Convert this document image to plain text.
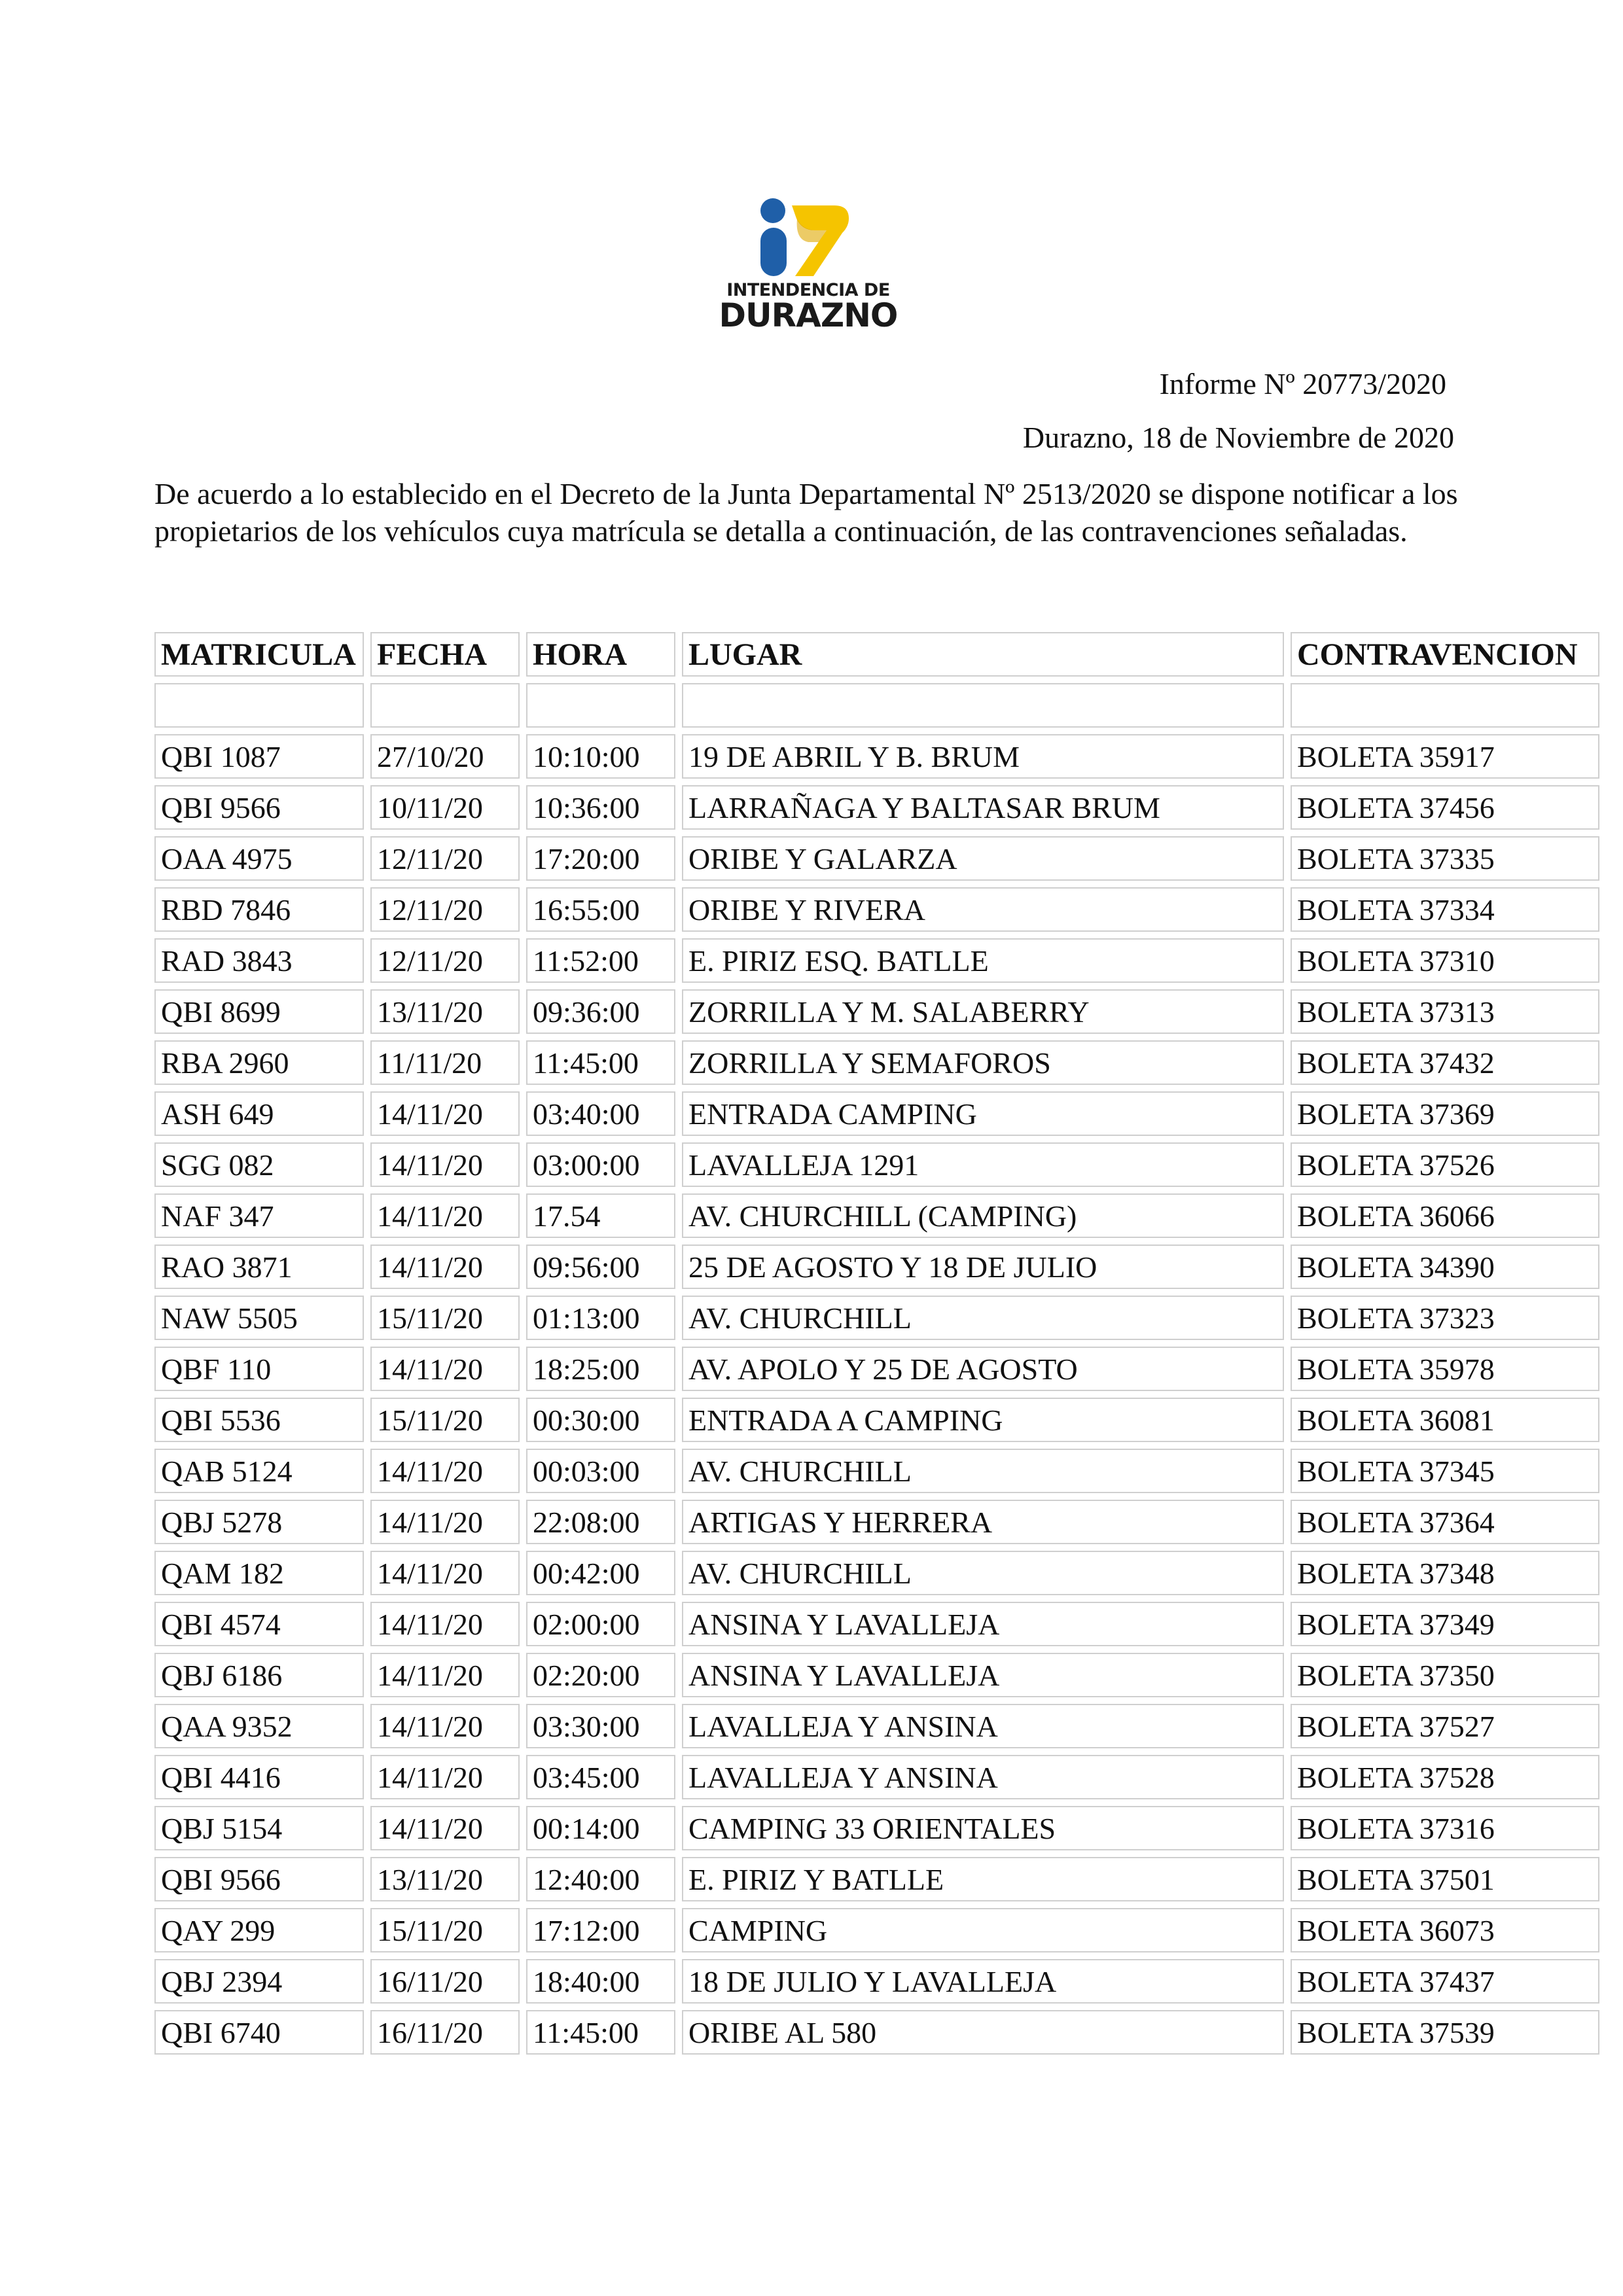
INTENDENCIA DE
DURAZNO
Informe Nº 20773/2020
Durazno, 18 de Noviembre de 2020
De acuerdo a lo establecido en el Decreto de la Junta Departamental Nº 2513/2020 se dispone notificar a los propietarios de los vehículos cuya matrícula se detalla a continuación, de las contravenciones señaladas.
MATRICULA	FECHA	HORA	LUGAR	CONTRAVENCION

QBI 1087	27/10/20	10:10:00	19 DE ABRIL Y B. BRUM	BOLETA 35917
QBI 9566	10/11/20	10:36:00	LARRAÑAGA Y BALTASAR BRUM	BOLETA 37456
OAA 4975	12/11/20	17:20:00	ORIBE Y GALARZA	BOLETA 37335
RBD 7846	12/11/20	16:55:00	ORIBE Y RIVERA	BOLETA 37334
RAD 3843	12/11/20	11:52:00	E. PIRIZ ESQ. BATLLE	BOLETA 37310
QBI 8699	13/11/20	09:36:00	ZORRILLA Y M. SALABERRY	BOLETA 37313
RBA 2960	11/11/20	11:45:00	ZORRILLA Y SEMAFOROS	BOLETA 37432
ASH 649	14/11/20	03:40:00	ENTRADA CAMPING	BOLETA 37369
SGG 082	14/11/20	03:00:00	LAVALLEJA 1291	BOLETA 37526
NAF 347	14/11/20	17.54	AV. CHURCHILL (CAMPING)	BOLETA 36066
RAO 3871	14/11/20	09:56:00	25 DE AGOSTO Y 18 DE JULIO	BOLETA 34390
NAW 5505	15/11/20	01:13:00	AV. CHURCHILL	BOLETA 37323
QBF 110	14/11/20	18:25:00	AV. APOLO Y 25 DE AGOSTO	BOLETA 35978
QBI 5536	15/11/20	00:30:00	ENTRADA A CAMPING	BOLETA 36081
QAB 5124	14/11/20	00:03:00	AV. CHURCHILL	BOLETA 37345
QBJ 5278	14/11/20	22:08:00	ARTIGAS Y HERRERA	BOLETA 37364
QAM 182	14/11/20	00:42:00	AV. CHURCHILL	BOLETA 37348
QBI 4574	14/11/20	02:00:00	ANSINA Y LAVALLEJA	BOLETA 37349
QBJ 6186	14/11/20	02:20:00	ANSINA Y LAVALLEJA	BOLETA 37350
QAA 9352	14/11/20	03:30:00	LAVALLEJA Y ANSINA	BOLETA 37527
QBI 4416	14/11/20	03:45:00	LAVALLEJA Y ANSINA	BOLETA 37528
QBJ 5154	14/11/20	00:14:00	CAMPING 33 ORIENTALES	BOLETA 37316
QBI 9566	13/11/20	12:40:00	E. PIRIZ Y BATLLE	BOLETA 37501
QAY 299	15/11/20	17:12:00	CAMPING	BOLETA 36073
QBJ 2394	16/11/20	18:40:00	18 DE JULIO Y LAVALLEJA	BOLETA 37437
QBI 6740	16/11/20	11:45:00	ORIBE AL 580	BOLETA 37539
